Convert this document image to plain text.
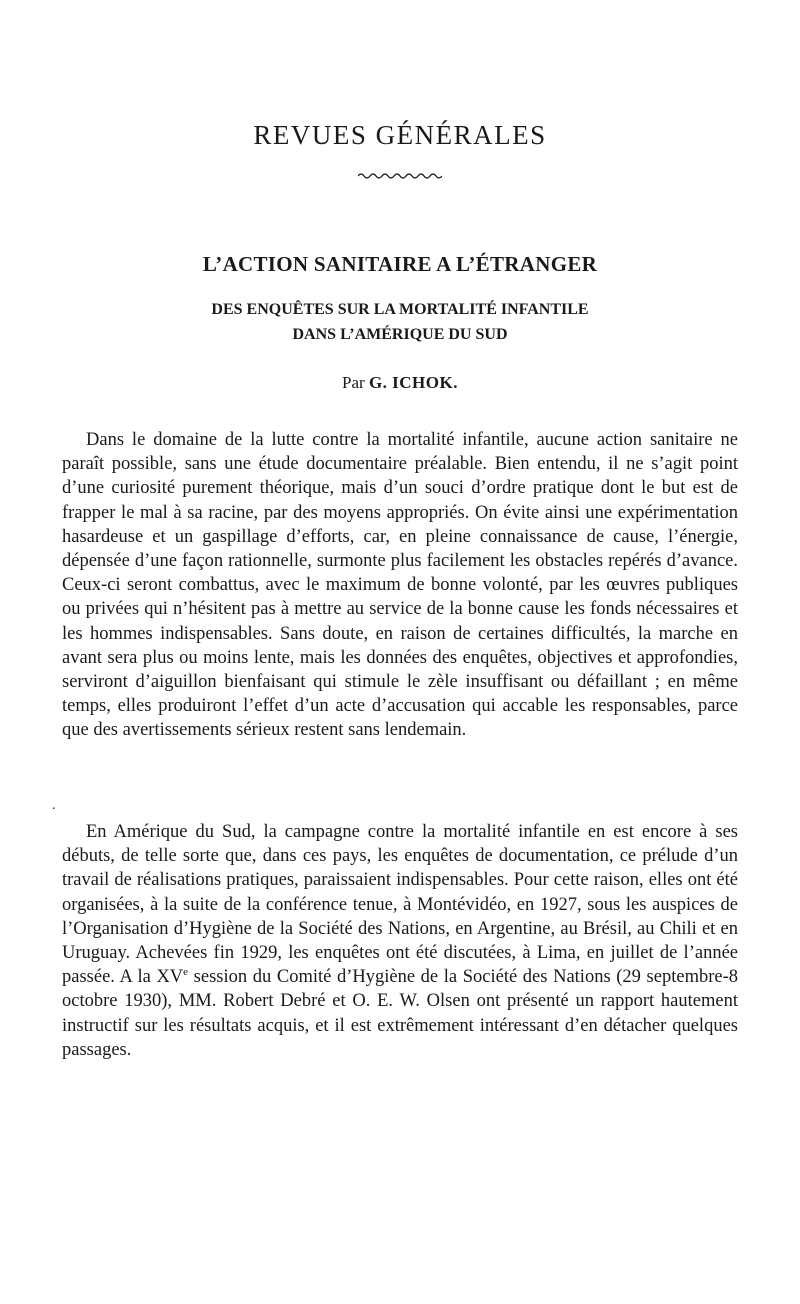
REVUES GÉNÉRALES
L’ACTION SANITAIRE A L’ÉTRANGER
DES ENQUÊTES SUR LA MORTALITÉ INFANTILE
DANS L’AMÉRIQUE DU SUD
Par G. ICHOK.

Dans le domaine de la lutte contre la mortalité infantile, aucune action sanitaire ne paraît possible, sans une étude documentaire préalable. Bien entendu, il ne s’agit point d’une curiosité purement théorique, mais d’un souci d’ordre pratique dont le but est de frapper le mal à sa racine, par des moyens appropriés. On évite ainsi une expérimentation hasardeuse et un gaspillage d’efforts, car, en pleine connaissance de cause, l’énergie, dépensée d’une façon rationnelle, surmonte plus facilement les obstacles repérés d’avance. Ceux-ci seront combattus, avec le maximum de bonne volonté, par les œuvres publiques ou privées qui n’hésitent pas à mettre au service de la bonne cause les fonds nécessaires et les hommes indispensables. Sans doute, en raison de certaines difficultés, la marche en avant sera plus ou moins lente, mais les données des enquêtes, objectives et approfondies, serviront d’aiguillon bienfaisant qui stimule le zèle insuffisant ou défaillant ; en même temps, elles produiront l’effet d’un acte d’accusation qui accable les responsables, parce que des avertissements sérieux restent sans lendemain.

En Amérique du Sud, la campagne contre la mortalité infantile en est encore à ses débuts, de telle sorte que, dans ces pays, les enquêtes de documentation, ce prélude d’un travail de réalisations pratiques, paraissaient indispensables. Pour cette raison, elles ont été organisées, à la suite de la conférence tenue, à Montévidéo, en 1927, sous les auspices de l’Organisation d’Hygiène de la Société des Nations, en Argentine, au Brésil, au Chili et en Uruguay. Achevées fin 1929, les enquêtes ont été discutées, à Lima, en juillet de l’année passée. A la XVe session du Comité d’Hygiène de la Société des Nations (29 septembre-8 octobre 1930), MM. Robert Debré et O. E. W. Olsen ont présenté un rapport hautement instructif sur les résultats acquis, et il est extrêmement intéressant d’en détacher quelques passages.

.
